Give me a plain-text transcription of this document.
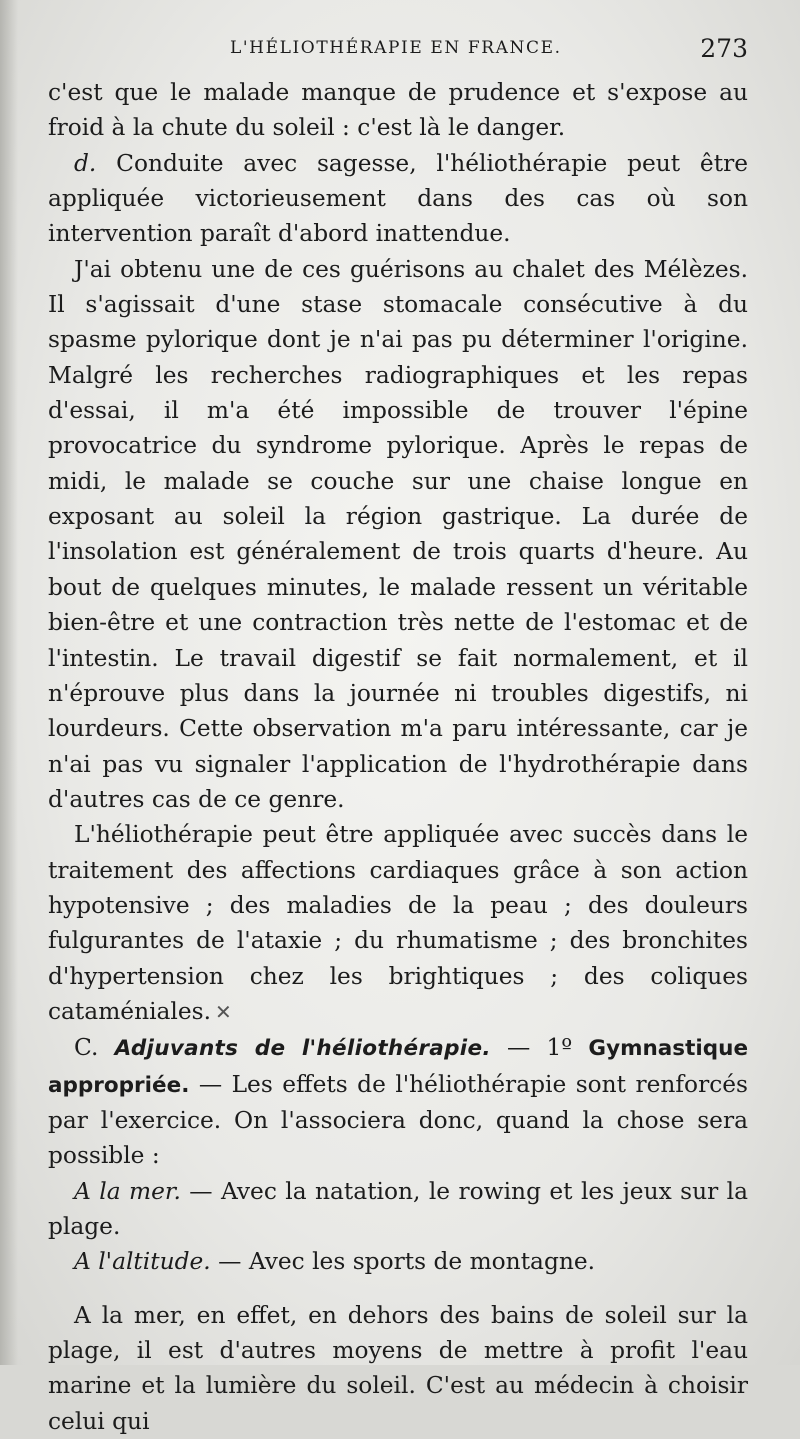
L'HÉLIOTHÉRAPIE EN FRANCE.	273

c'est que le malade manque de prudence et s'expose au froid à la chute du soleil : c'est là le danger.

d. Conduite avec sagesse, l'héliothérapie peut être appliquée victorieusement dans des cas où son intervention paraît d'abord inattendue.

J'ai obtenu une de ces guérisons au chalet des Mélèzes. Il s'agissait d'une stase stomacale consécutive à du spasme pylorique dont je n'ai pas pu déterminer l'origine. Malgré les recherches radiographiques et les repas d'essai, il m'a été impossible de trouver l'épine provocatrice du syndrome pylorique. Après le repas de midi, le malade se couche sur une chaise longue en exposant au soleil la région gastrique. La durée de l'insolation est généralement de trois quarts d'heure. Au bout de quelques minutes, le malade ressent un véritable bien-être et une contraction très nette de l'estomac et de l'intestin. Le travail digestif se fait normalement, et il n'éprouve plus dans la journée ni troubles digestifs, ni lourdeurs. Cette observation m'a paru intéressante, car je n'ai pas vu signaler l'application de l'hydrothérapie dans d'autres cas de ce genre.

L'héliothérapie peut être appliquée avec succès dans le traitement des affections cardiaques grâce à son action hypotensive ; des maladies de la peau ; des douleurs fulgurantes de l'ataxie ; du rhumatisme ; des bronchites d'hypertension chez les brightiques ; des coliques cataméniales. ✕

C. Adjuvants de l'héliothérapie. — 1º Gymnastique appropriée. — Les effets de l'héliothérapie sont renforcés par l'exercice. On l'associera donc, quand la chose sera possible :

A la mer. — Avec la natation, le rowing et les jeux sur la plage.

A l'altitude. — Avec les sports de montagne.

A la mer, en effet, en dehors des bains de soleil sur la plage, il est d'autres moyens de mettre à profit l'eau marine et la lumière du soleil. C'est au médecin à choisir celui qui
